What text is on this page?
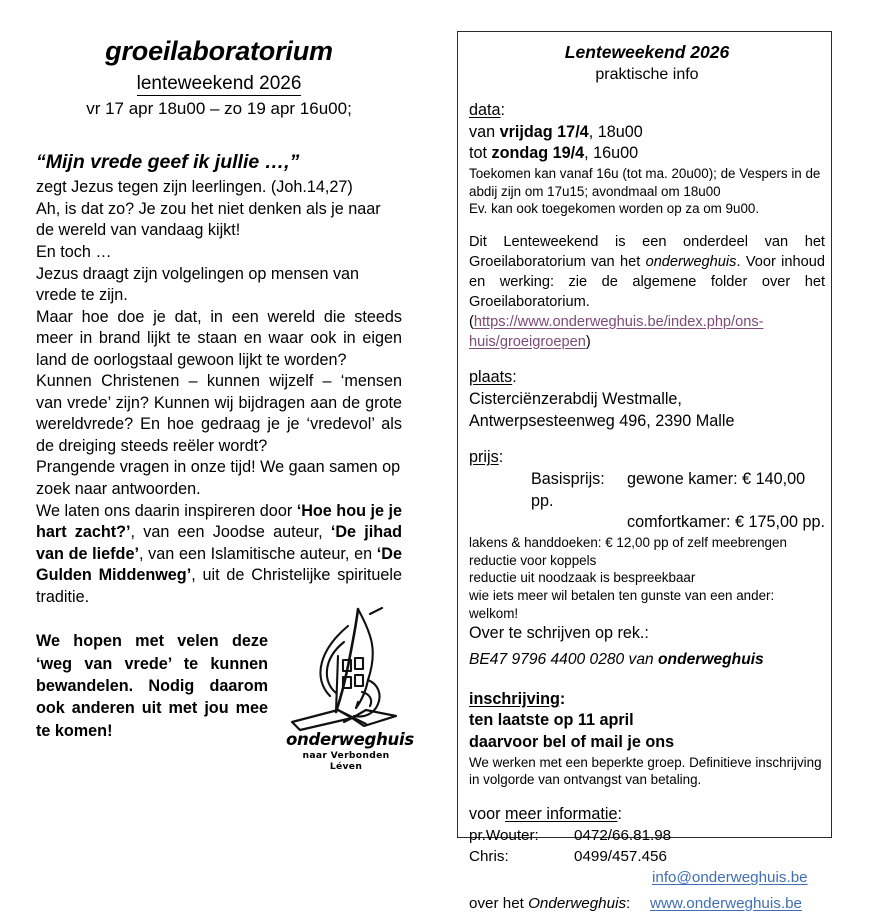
groeilaboratorium
lenteweekend 2026
vr 17 apr 18u00 – zo 19 apr 16u00;

“Mijn vrede geef ik jullie …,”

zegt Jezus tegen zijn leerlingen. (Joh.14,27)

Ah, is dat zo? Je zou het niet denken als je naar de wereld van vandaag kijkt!

En toch …

Jezus draagt zijn volgelingen op mensen van vrede te zijn.

Maar hoe doe je dat, in een wereld die steeds meer in brand lijkt te staan en waar ook in eigen land de oorlogstaal gewoon lijkt te worden?

Kunnen Christenen – kunnen wijzelf – ‘mensen van vrede’ zijn? Kunnen wij bijdragen aan de grote wereldvrede? En hoe gedraag je je ‘vredevol’ als de dreiging steeds reëler wordt?

Prangende vragen in onze tijd! We gaan samen op zoek naar antwoorden.

We laten ons daarin inspireren door ‘Hoe hou je je hart zacht?’, van een Joodse auteur, ‘De jihad van de liefde’, van een Islamitische auteur, en ‘De Gulden Middenweg’, uit de Christelijke spirituele traditie.

We hopen met velen deze ‘weg van vrede’ te kunnen bewandelen. Nodig daarom ook anderen uit met jou mee te komen!	onderweghuis
naar Verbonden Léven
Lenteweekend 2026
praktische info

data:

van vrijdag 17/4, 18u00

tot zondag 19/4, 16u00

Toekomen kan vanaf 16u (tot ma. 20u00); de Vespers in de abdij zijn om 17u15; avondmaal om 18u00

Ev. kan ook toegekomen worden op za om 9u00.

Dit Lenteweekend is een onderdeel van het Groeilaboratorium van het onderweghuis. Voor inhoud en werking: zie de algemene folder over het Groeilaboratorium.

(https://www.onderweghuis.be/index.php/ons-huis/groeigroepen)

plaats:

Cisterciënzerabdij Westmalle,

Antwerpsesteenweg 496, 2390 Malle

prijs:

Basisprijs: gewone kamer: € 140,00 pp.

comfortkamer: € 175,00 pp.

lakens & handdoeken: € 12,00 pp of zelf meebrengen

reductie voor koppels

reductie uit noodzaak is bespreekbaar

wie iets meer wil betalen ten gunste van een ander: welkom!

Over te schrijven op rek.:

BE47 9796 4400 0280 van onderweghuis

inschrijving:

ten laatste op 11 april

daarvoor bel of mail je ons

We werken met een beperkte groep. Definitieve inschrijving in volgorde van ontvangst van betaling.

voor meer informatie:

pr.Wouter:	0472/66.81.98

Chris:	0499/457.456

info@onderweghuis.be

over het Onderweghuis:	www.onderweghuis.be
